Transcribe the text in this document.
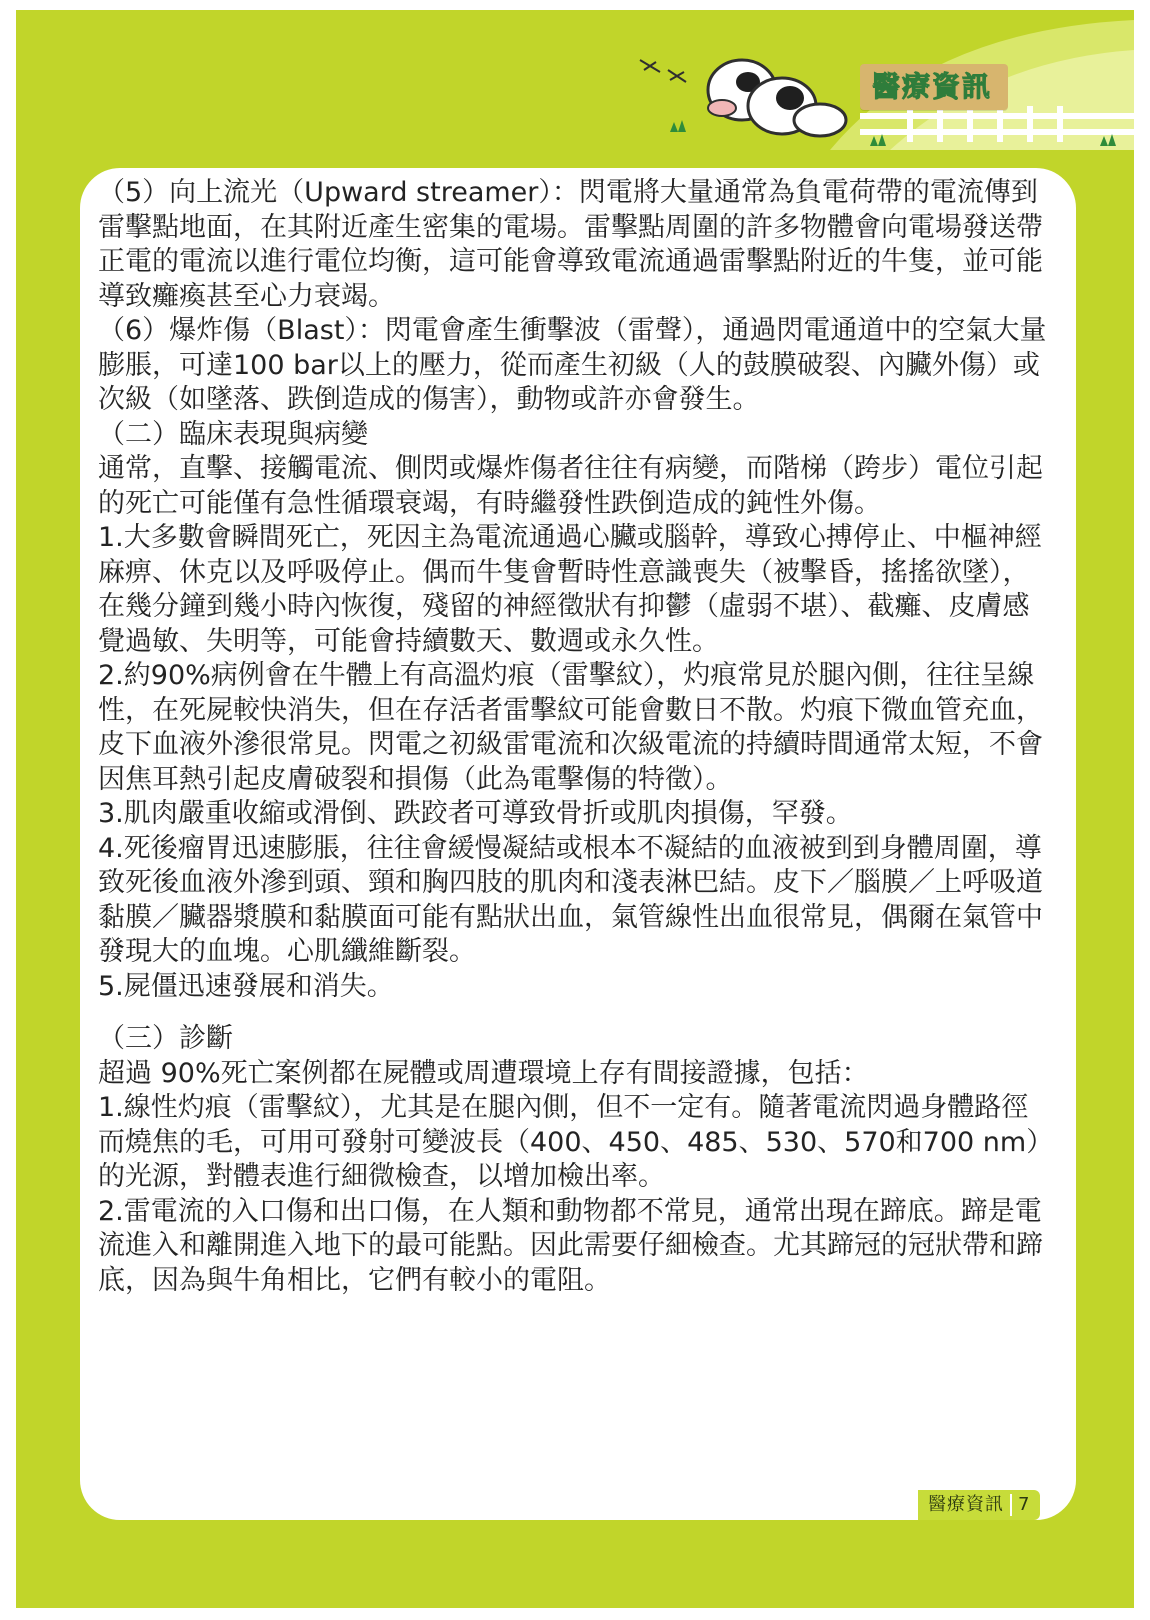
醫療資訊

（5）向上流光（Upward streamer）：閃電將大量通常為負電荷帶的電流傳到雷擊點地面，在其附近產生密集的電場。雷擊點周圍的許多物體會向電場發送帶正電的電流以進行電位均衡，這可能會導致電流通過雷擊點附近的牛隻，並可能導致癱瘓甚至心力衰竭。

（6）爆炸傷（Blast）：閃電會產生衝擊波（雷聲），通過閃電通道中的空氣大量膨脹，可達100 bar以上的壓力，從而產生初級（人的鼓膜破裂、內臟外傷）或次級（如墜落、跌倒造成的傷害），動物或許亦會發生。

（二）臨床表現與病變

通常，直擊、接觸電流、側閃或爆炸傷者往往有病變，而階梯（跨步）電位引起的死亡可能僅有急性循環衰竭，有時繼發性跌倒造成的鈍性外傷。

1.大多數會瞬間死亡，死因主為電流通過心臟或腦幹，導致心搏停止、中樞神經麻痹、休克以及呼吸停止。偶而牛隻會暫時性意識喪失（被擊昏，搖搖欲墜），在幾分鐘到幾小時內恢復，殘留的神經徵狀有抑鬱（虛弱不堪）、截癱、皮膚感覺過敏、失明等，可能會持續數天、數週或永久性。

2.約90%病例會在牛體上有高溫灼痕（雷擊紋），灼痕常見於腿內側，往往呈線性，在死屍較快消失，但在存活者雷擊紋可能會數日不散。灼痕下微血管充血，皮下血液外滲很常見。閃電之初級雷電流和次級電流的持續時間通常太短，不會因焦耳熱引起皮膚破裂和損傷（此為電擊傷的特徵）。

3.肌肉嚴重收縮或滑倒、跌跤者可導致骨折或肌肉損傷，罕發。

4.死後瘤胃迅速膨脹，往往會緩慢凝結或根本不凝結的血液被到到身體周圍，導致死後血液外滲到頭、頸和胸四肢的肌肉和淺表淋巴結。皮下／腦膜／上呼吸道黏膜／臟器漿膜和黏膜面可能有點狀出血，氣管線性出血很常見，偶爾在氣管中發現大的血塊。心肌纖維斷裂。

5.屍僵迅速發展和消失。

（三）診斷

超過 90%死亡案例都在屍體或周遭環境上存有間接證據，包括：

1.線性灼痕（雷擊紋），尤其是在腿內側，但不一定有。隨著電流閃過身體路徑而燒焦的毛，可用可發射可變波長（400、450、485、530、570和700 nm）的光源，對體表進行細微檢查，以增加檢出率。

2.雷電流的入口傷和出口傷，在人類和動物都不常見，通常出現在蹄底。蹄是電流進入和離開進入地下的最可能點。因此需要仔細檢查。尤其蹄冠的冠狀帶和蹄底，因為與牛角相比，它們有較小的電阻。

醫療資訊 7
